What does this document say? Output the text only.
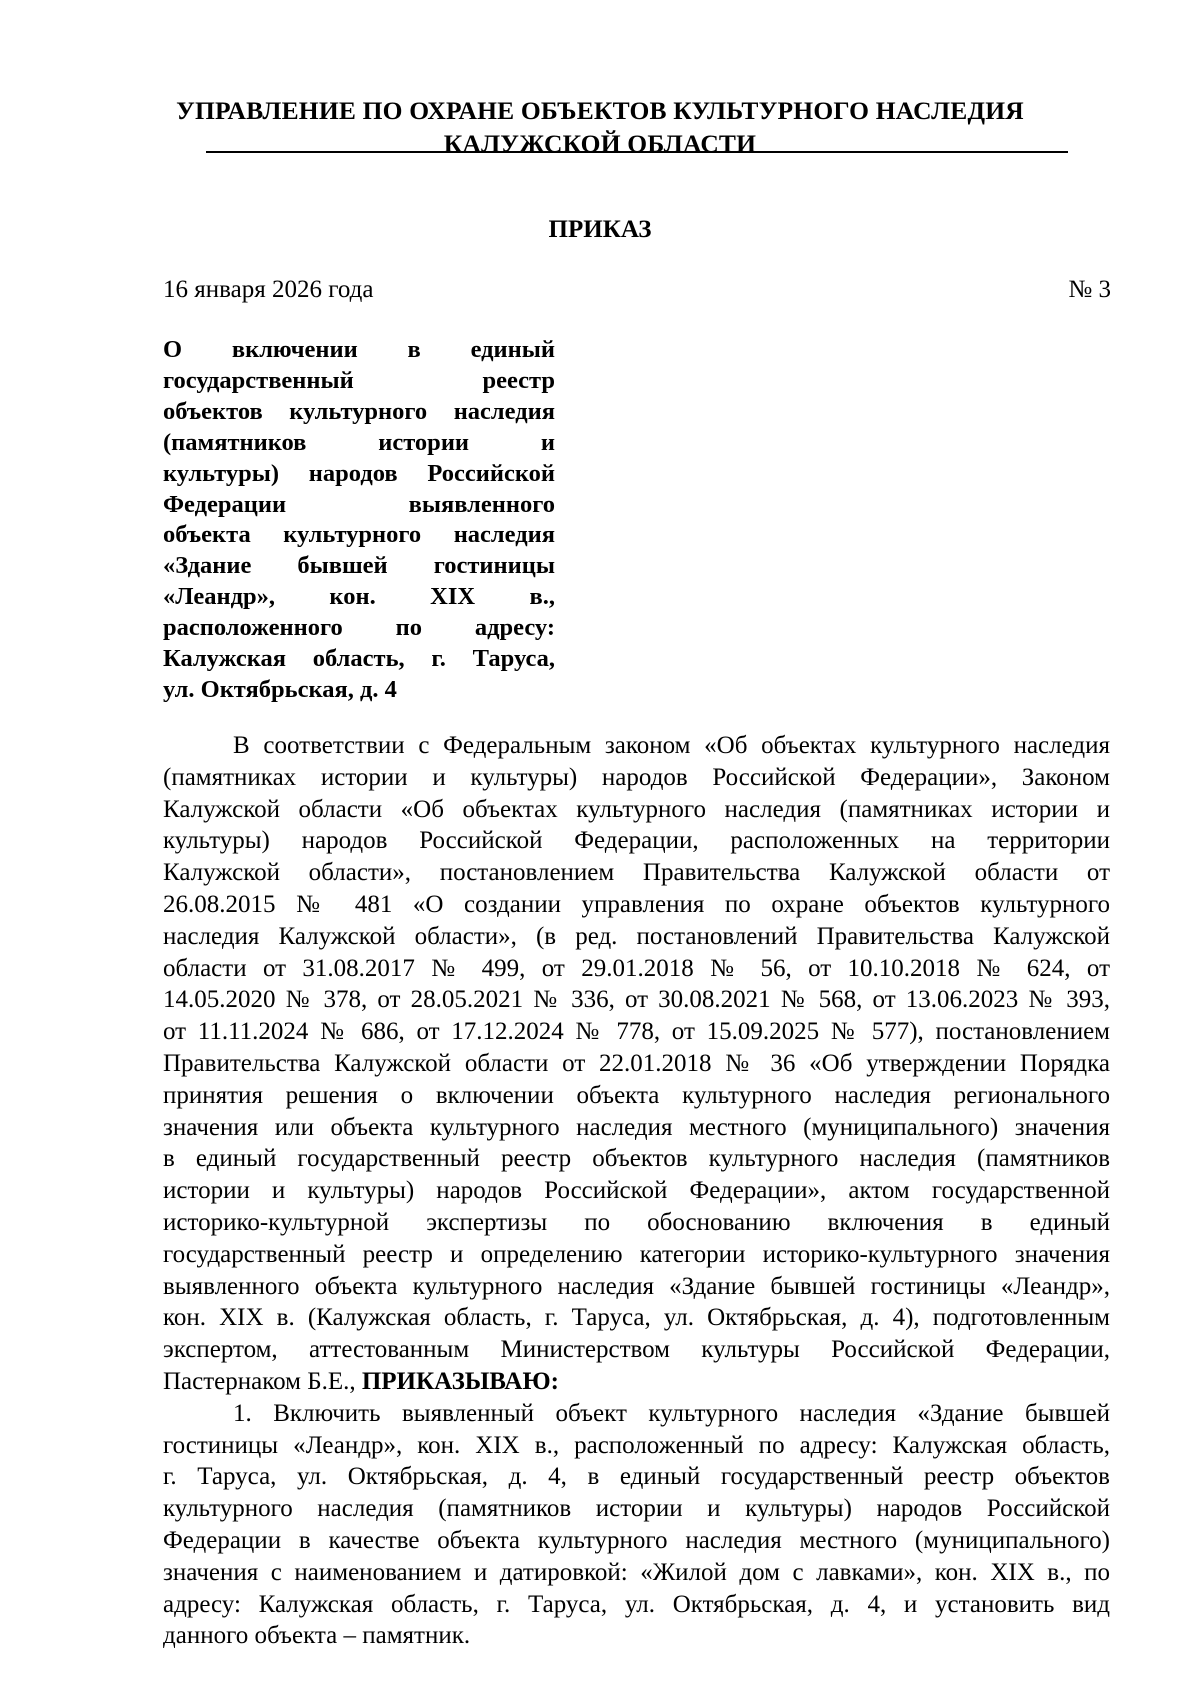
УПРАВЛЕНИЕ ПО ОХРАНЕ ОБЪЕКТОВ КУЛЬТУРНОГО НАСЛЕДИЯ
КАЛУЖСКОЙ ОБЛАСТИ
ПРИКАЗ
16 января 2026 года	№ 3
О включении в единый
государственный реестр
объектов культурного наследия
(памятников истории и
культуры) народов Российской
Федерации выявленного
объекта культурного наследия
«Здание бывшей гостиницы
«Леандр», кон. XIX в.,
расположенного по адресу:
Калужская область, г. Таруса,
ул. Октябрьская, д. 4
В соответствии с Федеральным законом «Об объектах культурного наследия
(памятниках истории и культуры) народов Российской Федерации», Законом
Калужской области «Об объектах культурного наследия (памятниках истории и
культуры) народов Российской Федерации, расположенных на территории
Калужской области», постановлением Правительства Калужской области от
26.08.2015 № 481 «О создании управления по охране объектов культурного
наследия Калужской области», (в ред. постановлений Правительства Калужской
области от 31.08.2017 № 499, от 29.01.2018 № 56, от 10.10.2018 № 624, от
14.05.2020 № 378, от 28.05.2021 № 336, от 30.08.2021 № 568, от 13.06.2023 № 393,
от 11.11.2024 № 686, от 17.12.2024 № 778, от 15.09.2025 № 577), постановлением
Правительства Калужской области от 22.01.2018 № 36 «Об утверждении Порядка
принятия решения о включении объекта культурного наследия регионального
значения или объекта культурного наследия местного (муниципального) значения
в единый государственный реестр объектов культурного наследия (памятников
истории и культуры) народов Российской Федерации», актом государственной
историко-культурной экспертизы по обоснованию включения в единый
государственный реестр и определению категории историко-культурного значения
выявленного объекта культурного наследия «Здание бывшей гостиницы «Леандр»,
кон. XIX в. (Калужская область, г. Таруса, ул. Октябрьская, д. 4), подготовленным
экспертом, аттестованным Министерством культуры Российской Федерации,
Пастернаком Б.Е., ПРИКАЗЫВАЮ:
1. Включить выявленный объект культурного наследия «Здание бывшей
гостиницы «Леандр», кон. XIX в., расположенный по адресу: Калужская область,
г. Таруса, ул. Октябрьская, д. 4, в единый государственный реестр объектов
культурного наследия (памятников истории и культуры) народов Российской
Федерации в качестве объекта культурного наследия местного (муниципального)
значения с наименованием и датировкой: «Жилой дом с лавками», кон. XIX в., по
адресу: Калужская область, г. Таруса, ул. Октябрьская, д. 4, и установить вид
данного объекта – памятник.
